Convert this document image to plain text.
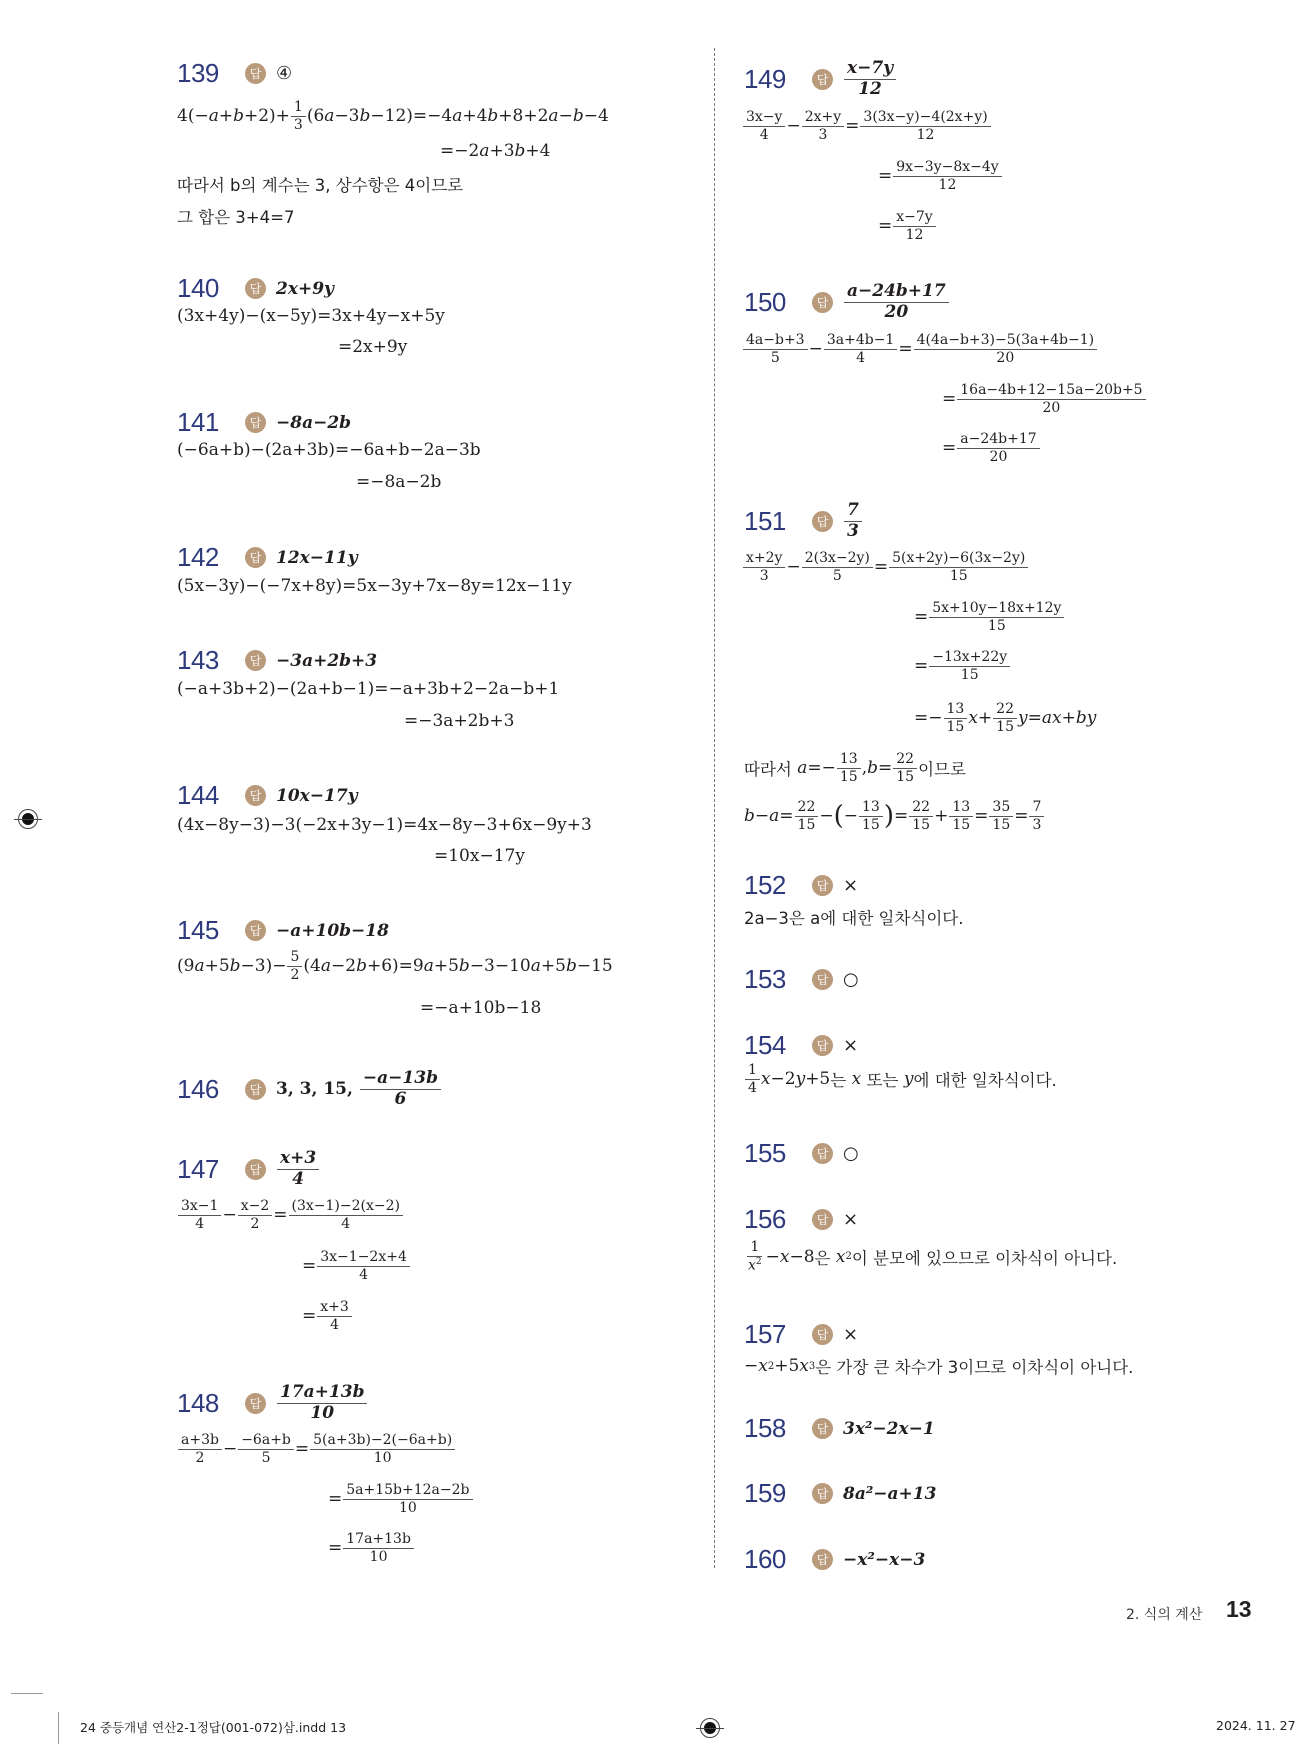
139	답 ④
$4(-a+b+2)+ \frac{1}{3} (6a-3b-12)=-4a+4b+8+2a-b-4$
=−2 a +3 b +4
따라서 b의 계수는 3, 상수항은 4이므로
그 합은 3+4=7
140	답 2x+9y
(3x+4y)−(x−5y)=3x+4y−x+5y
=2x+9y
141	답 −8a−2b
(−6a+b)−(2a+3b)=−6a+b−2a−3b
=−8a−2b
142	답 12x−11y
(5x−3y)−(−7x+8y)=5x−3y+7x−8y=12x−11y
143	답 −3a+2b+3
(−a+3b+2)−(2a+b−1)=−a+3b+2−2a−b+1
=−3a+2b+3
144	답 10x−17y
(4x−8y−3)−3(−2x+3y−1)=4x−8y−3+6x−9y+3
=10x−17y
145	답 −a+10b−18
$(9a+5b-3)- \frac{5}{2} (4a-2b+6)=9a+5b-3-10a+5b-15$
=−a+10b−18
146	답 3, 3, 15, $\frac{-a-13b}{6}$
147	답 $\frac{x+3}{4}$
$\frac{3x-1}{4} - \frac{x-2}{2} = \frac{(3x-1)-2(x-2)}{4}$
= $\frac{3x-1-2x+4}{4}$
= $\frac{x+3}{4}$
148	답 $\frac{17a+13b}{10}$
$\frac{a+3b}{2} - \frac{-6a+b}{5} = \frac{5(a+3b)-2(-6a+b)}{10}$
= $\frac{5a+15b+12a-2b}{10}$
= $\frac{17a+13b}{10}$
149	답 $\frac{x-7y}{12}$
$\frac{3x-y}{4} - \frac{2x+y}{3} = \frac{3(3x-y)-4(2x+y)}{12}$
= $\frac{9x-3y-8x-4y}{12}$
= $\frac{x-7y}{12}$
150	답 $\frac{a-24b+17}{20}$
$\frac{4a-b+3}{5} - \frac{3a+4b-1}{4} = \frac{4(4a-b+3)-5(3a+4b-1)}{20}$
= $\frac{16a-4b+12-15a-20b+5}{20}$
= $\frac{a-24b+17}{20}$
151	답 $\frac{7}{3}$
$\frac{x+2y}{3} - \frac{2(3x-2y)}{5} = \frac{5(x+2y)-6(3x-2y)}{15}$
= $\frac{5x+10y-18x+12y}{15}$
= $\frac{-13x+22y}{15}$
=− $\frac{13}{15}$ $x + \frac{22}{15}$ y = ax + by
따라서 $a =- \frac{13}{15}$ , $b = \frac{22}{15}$ 이므로
$b - a = \frac{22}{15}$ − ( − $\frac{13}{15}$ ) = $\frac{22}{15} + \frac{13}{15} = \frac{35}{15} = \frac{7}{3}$
152	답 ×
2a−3은 a에 대한 일차식이다.
153	답 ○
154	답 ×
$\frac{1}{4}$ x −2 y +5 는 x 또는 y 에 대한 일차식이다.
155	답 ○
156	답 ×
$\frac{1}{x^2} - x -8$ 은 x 2 이 분모에 있으므로 이차식이 아니다.
157	답 ×
− x 2 +5 x 3 은 가장 큰 차수가 3이므로 이차식이 아니다.
158	답 3x²−2x−1
159	답 8a²−a+13
160	답 −x²−x−3
2. 식의 계산 13
24 중등개념 연산2-1정답(001-072)삼.indd 13	2024. 11. 27
